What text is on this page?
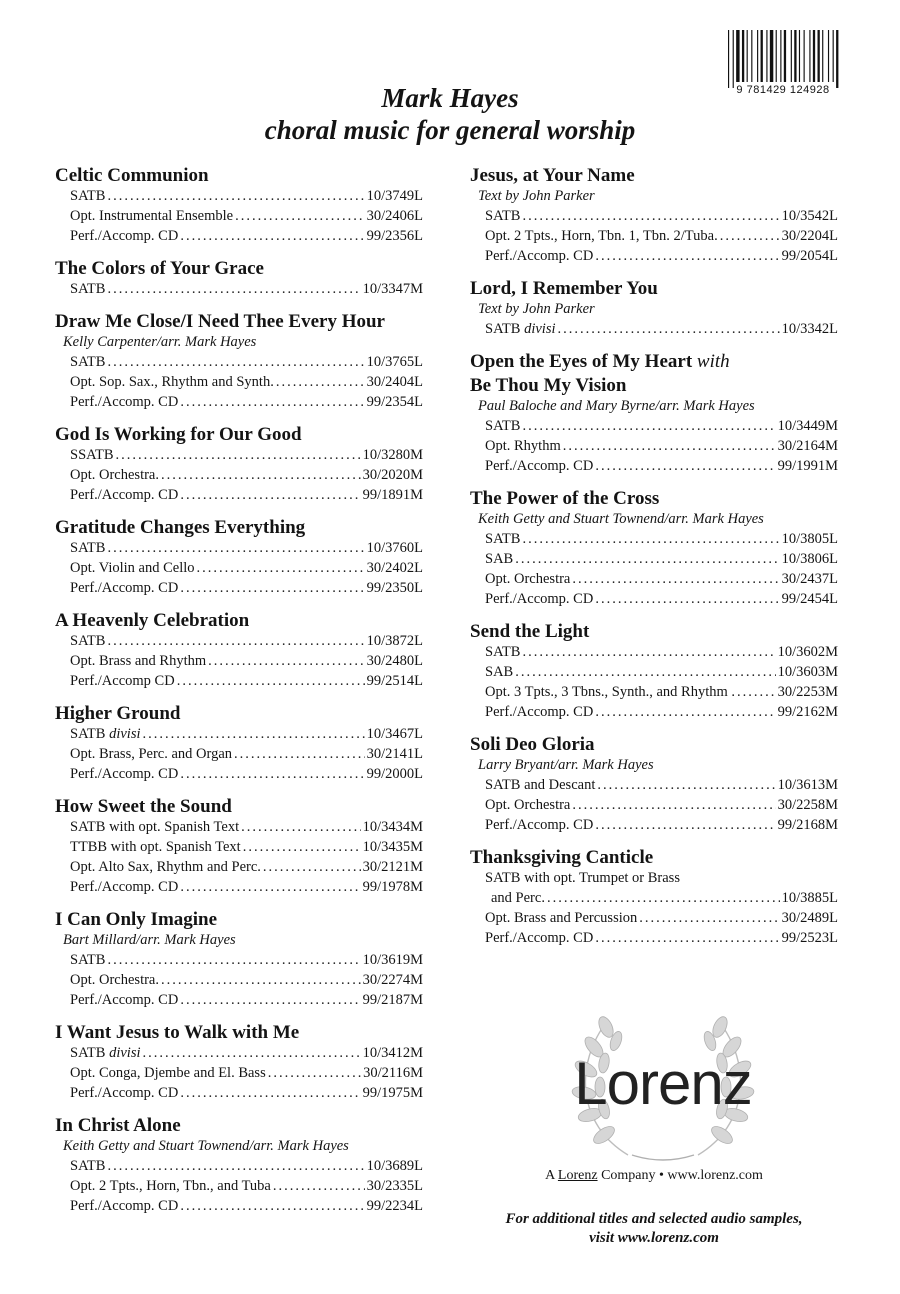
9 781429 124928
Mark Hayes
choral music for general worship
Celtic Communion
SATB .....	10/3749L
Opt. Instrumental Ensemble .....	30/2406L
Perf./Accomp. CD .....	99/2356L
The Colors of Your Grace
SATB .....	10/3347M
Draw Me Close/I Need Thee Every Hour
Kelly Carpenter/arr. Mark Hayes
SATB .....	10/3765L
Opt. Sop. Sax., Rhythm and Synth. .....	30/2404L
Perf./Accomp. CD .....	99/2354L
God Is Working for Our Good
SSATB .....	10/3280M
Opt. Orchestra. .....	30/2020M
Perf./Accomp. CD .....	99/1891M
Gratitude Changes Everything
SATB .....	10/3760L
Opt. Violin and Cello .....	30/2402L
Perf./Accomp. CD .....	99/2350L
A Heavenly Celebration
SATB .....	10/3872L
Opt. Brass and Rhythm .....	30/2480L
Perf./Accomp CD .....	99/2514L
Higher Ground
SATB divisi .....	10/3467L
Opt. Brass, Perc. and Organ .....	30/2141L
Perf./Accomp. CD .....	99/2000L
How Sweet the Sound
SATB with opt. Spanish Text .....	10/3434M
TTBB with opt. Spanish Text .....	10/3435M
Opt. Alto Sax, Rhythm and Perc. .....	30/2121M
Perf./Accomp. CD .....	99/1978M
I Can Only Imagine
Bart Millard/arr. Mark Hayes
SATB .....	10/3619M
Opt. Orchestra. .....	30/2274M
Perf./Accomp. CD .....	99/2187M
I Want Jesus to Walk with Me
SATB divisi .....	10/3412M
Opt. Conga, Djembe and El. Bass .....	30/2116M
Perf./Accomp. CD .....	99/1975M
In Christ Alone
Keith Getty and Stuart Townend/arr. Mark Hayes
SATB .....	10/3689L
Opt. 2 Tpts., Horn, Tbn., and Tuba .....	30/2335L
Perf./Accomp. CD .....	99/2234L
Jesus, at Your Name
Text by John Parker
SATB .....	10/3542L
Opt. 2 Tpts., Horn, Tbn. 1, Tbn. 2/Tuba. .....	30/2204L
Perf./Accomp. CD .....	99/2054L
Lord, I Remember You
Text by John Parker
SATB divisi .....	10/3342L
Open the Eyes of My Heart with
Be Thou My Vision
Paul Baloche and Mary Byrne/arr. Mark Hayes
SATB .....	10/3449M
Opt. Rhythm .....	30/2164M
Perf./Accomp. CD .....	99/1991M
The Power of the Cross
Keith Getty and Stuart Townend/arr. Mark Hayes
SATB .....	10/3805L
SAB .....	10/3806L
Opt. Orchestra .....	30/2437L
Perf./Accomp. CD .....	99/2454L
Send the Light
SATB .....	10/3602M
SAB .....	10/3603M
Opt. 3 Tpts., 3 Tbns., Synth., and Rhythm . .....	30/2253M
Perf./Accomp. CD .....	99/2162M
Soli Deo Gloria
Larry Bryant/arr. Mark Hayes
SATB and Descant .....	10/3613M
Opt. Orchestra .....	30/2258M
Perf./Accomp. CD .....	99/2168M
Thanksgiving Canticle
SATB with opt. Trumpet or Brass
and Perc. .....	10/3885L
Opt. Brass and Percussion .....	30/2489L
Perf./Accomp. CD .....	99/2523L
Lorenz
A Lorenz Company • www.lorenz.com
For additional titles and selected audio samples,
visit www.lorenz.com
